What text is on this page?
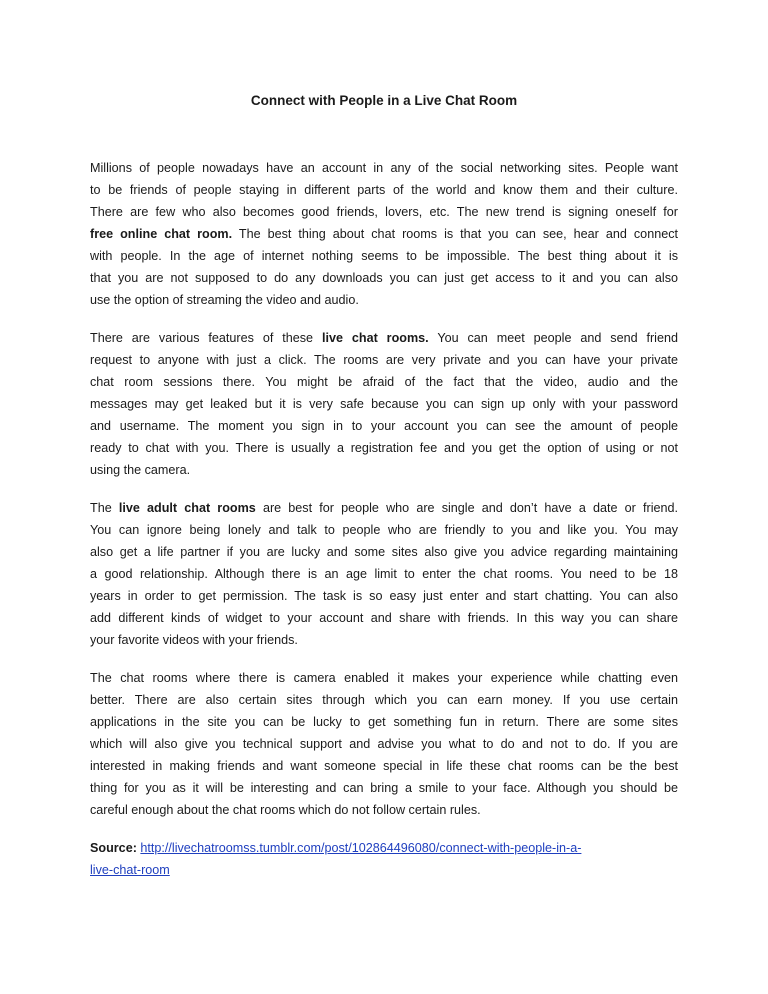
Connect with People in a Live Chat Room
Millions of people nowadays have an account in any of the social networking sites. People want
to be friends of people staying in different parts of the world and know them and their culture.
There are few who also becomes good friends, lovers, etc. The new trend is signing oneself for
free online chat room. The best thing about chat rooms is that you can see, hear and connect
with people. In the age of internet nothing seems to be impossible. The best thing about it is
that you are not supposed to do any downloads you can just get access to it and you can also
use the option of streaming the video and audio.
There are various features of these live chat rooms. You can meet people and send friend
request to anyone with just a click. The rooms are very private and you can have your private
chat room sessions there. You might be afraid of the fact that the video, audio and the
messages may get leaked but it is very safe because you can sign up only with your password
and username. The moment you sign in to your account you can see the amount of people
ready to chat with you. There is usually a registration fee and you get the option of using or not
using the camera.
The live adult chat rooms are best for people who are single and don’t have a date or friend.
You can ignore being lonely and talk to people who are friendly to you and like you. You may
also get a life partner if you are lucky and some sites also give you advice regarding maintaining
a good relationship. Although there is an age limit to enter the chat rooms. You need to be 18
years in order to get permission. The task is so easy just enter and start chatting. You can also
add different kinds of widget to your account and share with friends. In this way you can share
your favorite videos with your friends.
The chat rooms where there is camera enabled it makes your experience while chatting even
better. There are also certain sites through which you can earn money. If you use certain
applications in the site you can be lucky to get something fun in return. There are some sites
which will also give you technical support and advise you what to do and not to do. If you are
interested in making friends and want someone special in life these chat rooms can be the best
thing for you as it will be interesting and can bring a smile to your face. Although you should be
careful enough about the chat rooms which do not follow certain rules.
Source: http://livechatroomss.tumblr.com/post/102864496080/connect-with-people-in-a-
live-chat-room
